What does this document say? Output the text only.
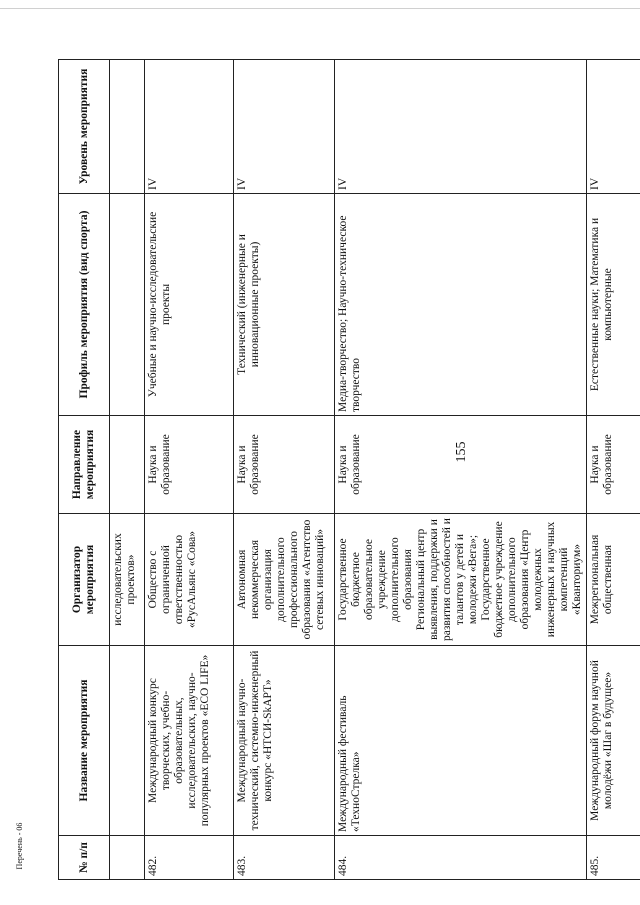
155
№ п/п	Название мероприятия	Организатор мероприятия	Направление мероприятия	Профиль мероприятия (вид спорта)	Уровень мероприятия
		исследовательских проектов»			
482.	Международный конкурс творческих, учебно-образовательных, исследовательских, научно-популярных проектов «ECO LIFE»	Общество с ограниченной ответственностью «РусАльянс «Сова»	Наука и образование	Учебные и научно-исследовательские проекты	IV
483.	Международный научно-технический, системно-инженерный конкурс «НТСИ-SkАРТ»	Автономная некоммерческая организация дополнительного профессионального образования «Агентство сетевых инноваций»	Наука и образование	Технический (инженерные и инновационные проекты)	IV
484.	Международный фестиваль «ТехноСтрелка»	Государственное бюджетное образовательное учреждение дополнительного образования Региональный центр выявления, поддержки и развития способностей и талантов у детей и молодежи «Вега»; Государственное бюджетное учреждение дополнительного образования «Центр молодежных инженерных и научных компетенций «Кванториум»	Наука и образование	Медиа-творчество; Научно-техническое творчество	IV
485.	Международный форум научной молодёжи «Шаг в будущее»	Межрегиональная общественная	Наука и образование	Естественные науки; Математика и компьютерные	IV
Перечень - 06
